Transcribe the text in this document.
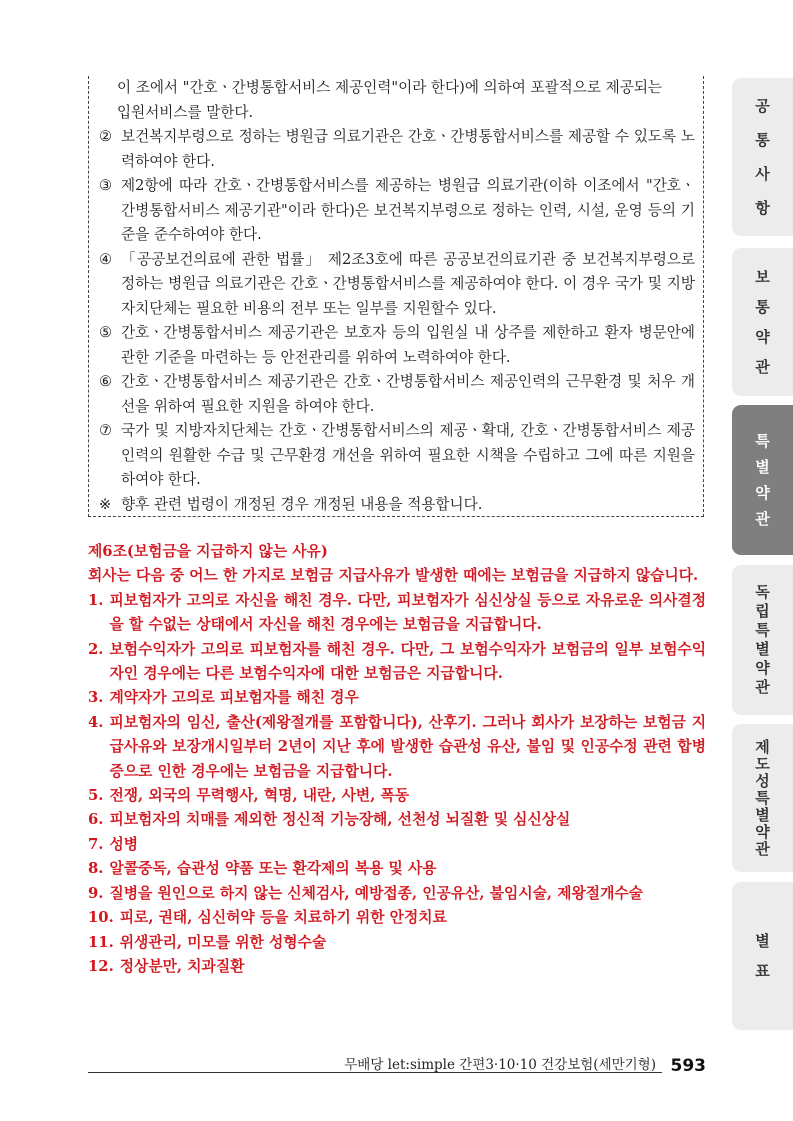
이 조에서 "간호ㆍ간병통합서비스 제공인력"이라 한다)에 의하여 포괄적으로 제공되는

입원서비스를 말한다.

② 보건복지부령으로 정하는 병원급 의료기관은 간호ㆍ간병통합서비스를 제공할 수 있도록 노력하여야 한다.
③ 제2항에 따라 간호ㆍ간병통합서비스를 제공하는 병원급 의료기관(이하 이조에서 "간호ㆍ간병통합서비스 제공기관"이라 한다)은 보건복지부령으로 정하는 인력, 시설, 운영 등의 기준을 준수하여야 한다.
④ 「공공보건의료에 관한 법률」 제2조3호에 따른 공공보건의료기관 중 보건복지부령으로 정하는 병원급 의료기관은 간호ㆍ간병통합서비스를 제공하여야 한다. 이 경우 국가 및 지방자치단체는 필요한 비용의 전부 또는 일부를 지원할수 있다.
⑤ 간호ㆍ간병통합서비스 제공기관은 보호자 등의 입원실 내 상주를 제한하고 환자 병문안에 관한 기준을 마련하는 등 안전관리를 위하여 노력하여야 한다.
⑥ 간호ㆍ간병통합서비스 제공기관은 간호ㆍ간병통합서비스 제공인력의 근무환경 및 처우 개선을 위하여 필요한 지원을 하여야 한다.
⑦ 국가 및 지방자치단체는 간호ㆍ간병통합서비스의 제공ㆍ확대, 간호ㆍ간병통합서비스 제공인력의 원활한 수급 및 근무환경 개선을 위하여 필요한 시책을 수립하고 그에 따른 지원을 하여야 한다.
※ 향후 관련 법령이 개정된 경우 개정된 내용을 적용합니다.

제6조(보험금을 지급하지 않는 사유)

회사는 다음 중 어느 한 가지로 보험금 지급사유가 발생한 때에는 보험금을 지급하지 않습니다.

1. 피보험자가 고의로 자신을 해친 경우. 다만, 피보험자가 심신상실 등으로 자유로운 의사결정을 할 수없는 상태에서 자신을 해친 경우에는 보험금을 지급합니다.
2. 보험수익자가 고의로 피보험자를 해친 경우. 다만, 그 보험수익자가 보험금의 일부 보험수익자인 경우에는 다른 보험수익자에 대한 보험금은 지급합니다.
3. 계약자가 고의로 피보험자를 해친 경우
4. 피보험자의 임신, 출산(제왕절개를 포함합니다), 산후기. 그러나 회사가 보장하는 보험금 지급사유와 보장개시일부터 2년이 지난 후에 발생한 습관성 유산, 불임 및 인공수정 관련 합병증으로 인한 경우에는 보험금을 지급합니다.
5. 전쟁, 외국의 무력행사, 혁명, 내란, 사변, 폭동
6. 피보험자의 치매를 제외한 정신적 기능장해, 선천성 뇌질환 및 심신상실
7. 성병
8. 알콜중독, 습관성 약품 또는 환각제의 복용 및 사용
9. 질병을 원인으로 하지 않는 신체검사, 예방접종, 인공유산, 불임시술, 제왕절개수술
10. 피로, 권태, 심신허약 등을 치료하기 위한 안정치료
11. 위생관리, 미모를 위한 성형수술
12. 정상분만, 치과질환
공
통
사
항
보
통
약
관
특
별
약
관
독
립
특
별
약
관
제
도
성
특
별
약
관
별
표
무배당 let:simple 간편3·10·10 건강보험(세만기형) 593
